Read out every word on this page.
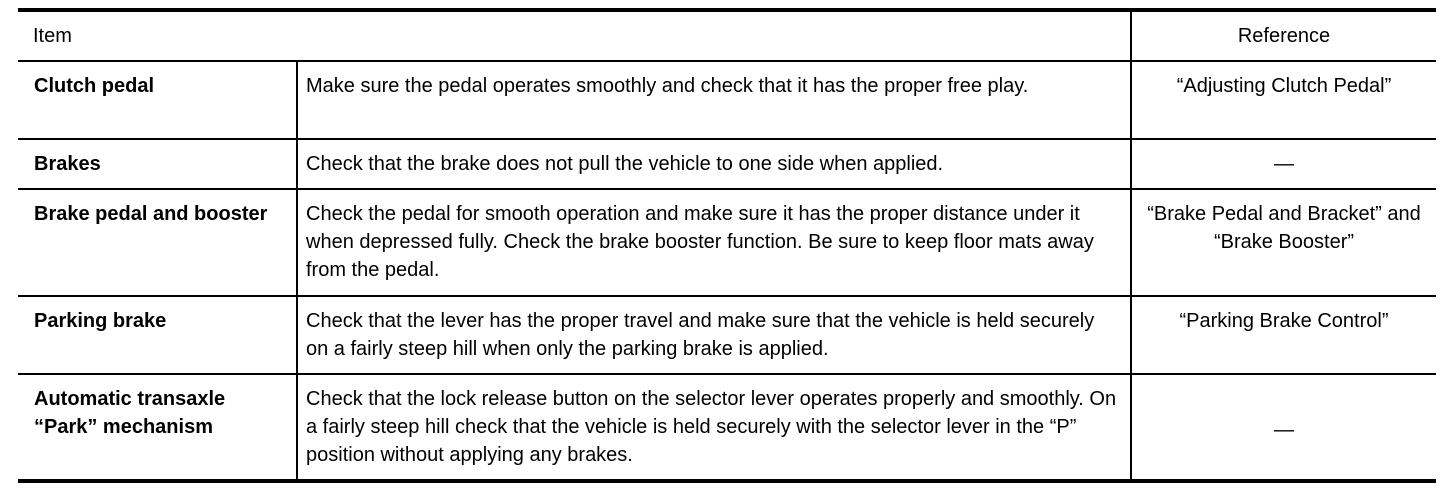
Item		Reference
Clutch pedal	Make sure the pedal operates smoothly and check that it has the proper free play.	“Adjusting Clutch Pedal”
Brakes	Check that the brake does not pull the vehicle to one side when applied.	—
Brake pedal and booster	Check the pedal for smooth operation and make sure it has the proper distance under it when depressed fully. Check the brake booster function. Be sure to keep floor mats away from the pedal.	“Brake Pedal and Bracket” and “Brake Booster”
Parking brake	Check that the lever has the proper travel and make sure that the vehicle is held securely on a fairly steep hill when only the parking brake is applied.	“Parking Brake Control”
Automatic transaxle “Park” mechanism	Check that the lock release button on the selector lever operates properly and smoothly. On a fairly steep hill check that the vehicle is held securely with the selector lever in the “P” position without applying any brakes.	—
